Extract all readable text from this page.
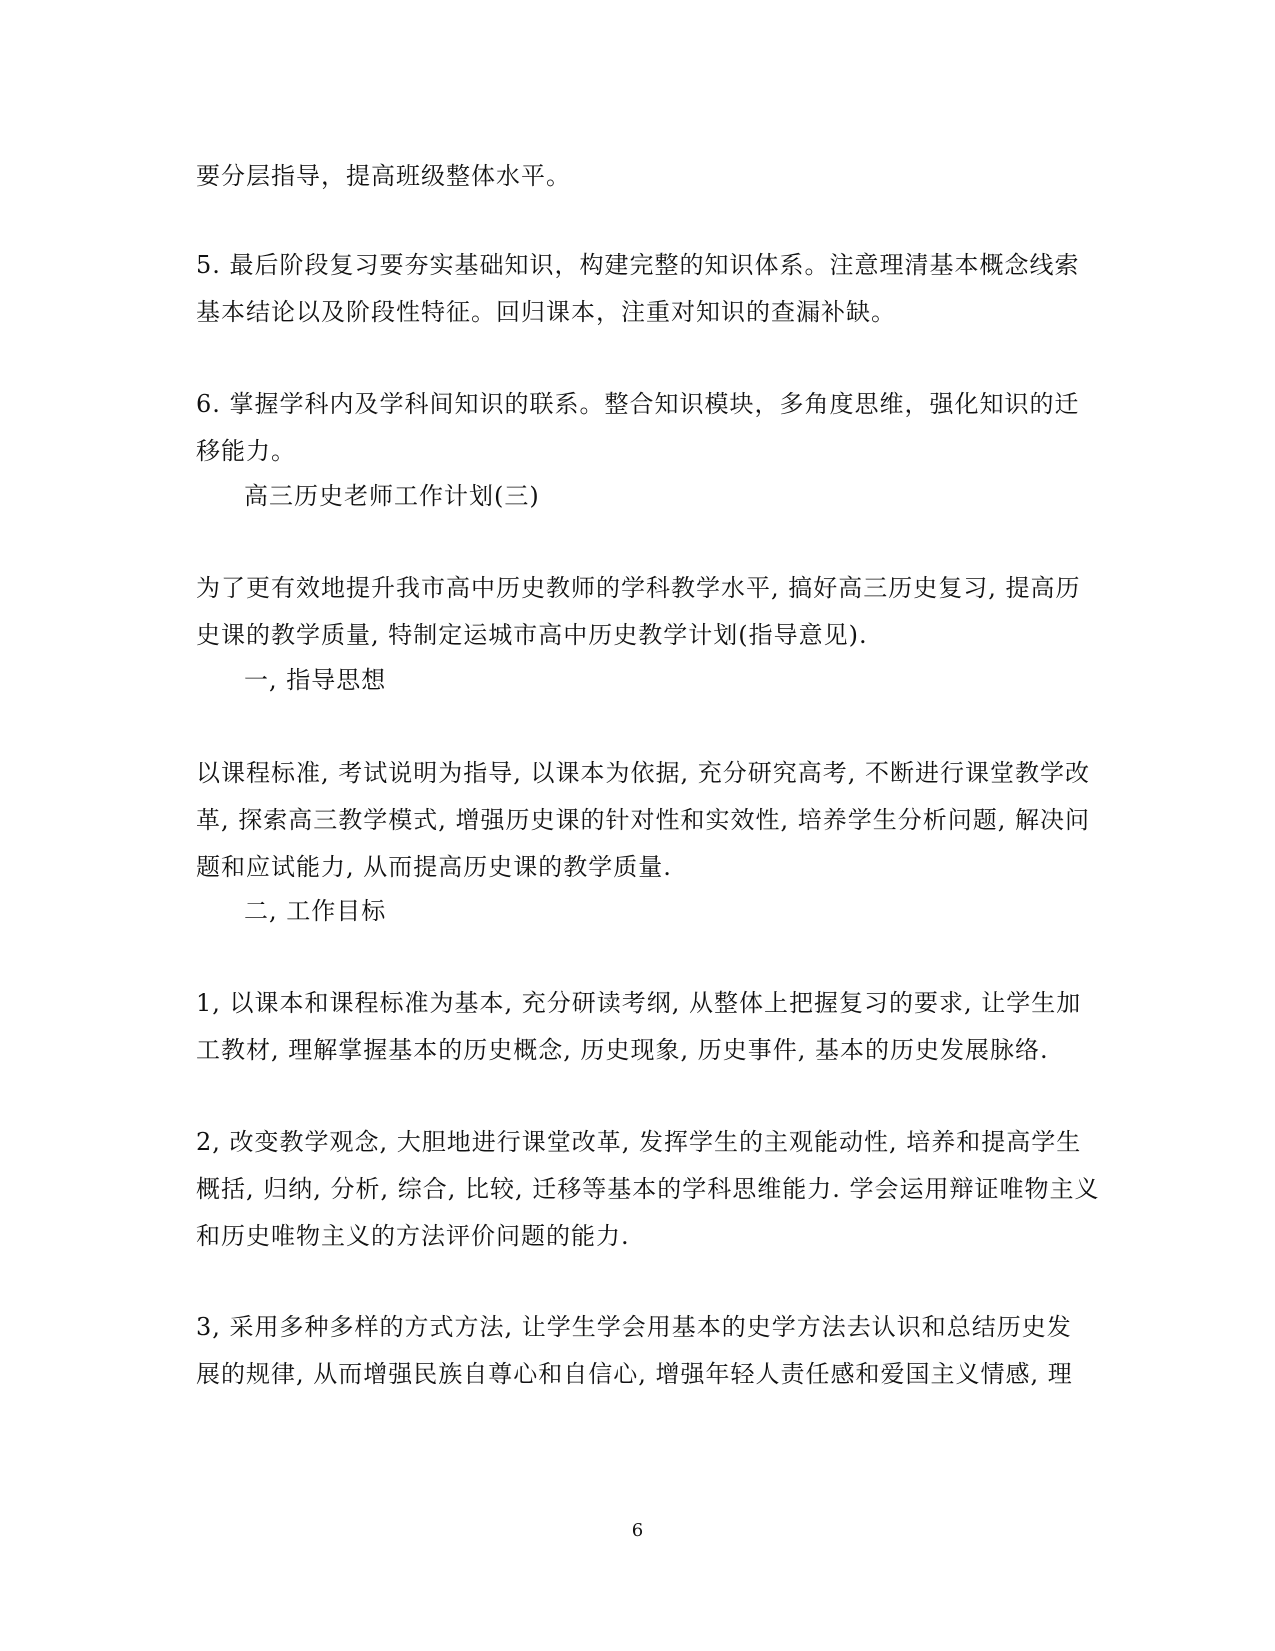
要分层指导，提高班级整体水平。
5. 最后阶段复习要夯实基础知识，构建完整的知识体系。注意理清基本概念线索
基本结论以及阶段性特征。回归课本，注重对知识的查漏补缺。
6. 掌握学科内及学科间知识的联系。整合知识模块，多角度思维，强化知识的迁
移能力。
高三历史老师工作计划(三)
为了更有效地提升我市高中历史教师的学科教学水平, 搞好高三历史复习, 提高历
史课的教学质量, 特制定运城市高中历史教学计划(指导意见).
一, 指导思想
以课程标准, 考试说明为指导, 以课本为依据, 充分研究高考, 不断进行课堂教学改
革, 探索高三教学模式, 增强历史课的针对性和实效性, 培养学生分析问题, 解决问
题和应试能力, 从而提高历史课的教学质量.
二, 工作目标
1, 以课本和课程标准为基本, 充分研读考纲, 从整体上把握复习的要求, 让学生加
工教材, 理解掌握基本的历史概念, 历史现象, 历史事件, 基本的历史发展脉络.
2, 改变教学观念, 大胆地进行课堂改革, 发挥学生的主观能动性, 培养和提高学生
概括, 归纳, 分析, 综合, 比较, 迁移等基本的学科思维能力. 学会运用辩证唯物主义
和历史唯物主义的方法评价问题的能力.
3, 采用多种多样的方式方法, 让学生学会用基本的史学方法去认识和总结历史发
展的规律, 从而增强民族自尊心和自信心, 增强年轻人责任感和爱国主义情感, 理
6
